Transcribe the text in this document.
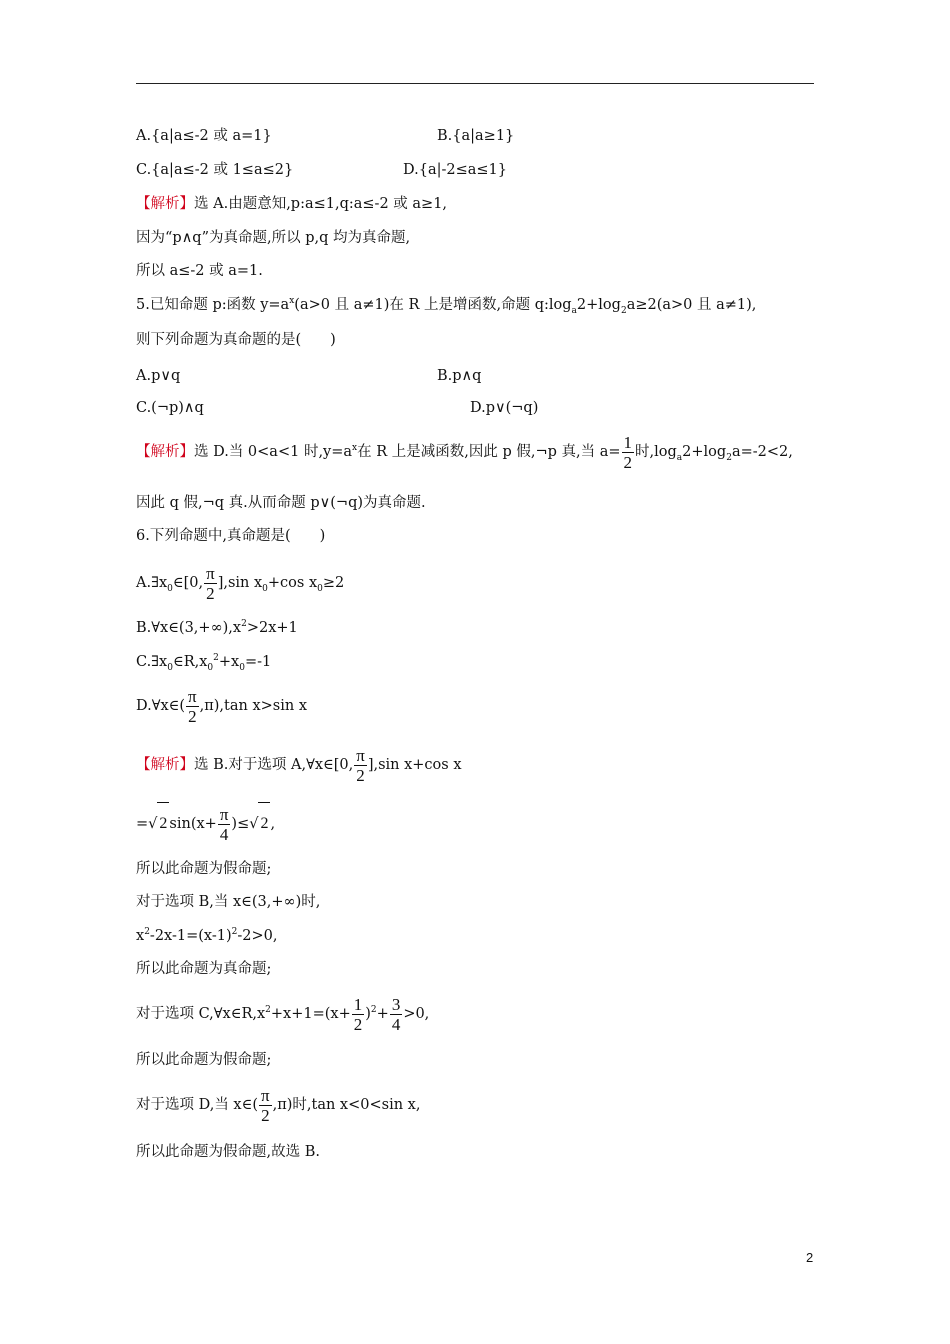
A.{a|a≤-2 或 a=1}	B.{a|a≥1}
C.{a|a≤-2 或 1≤a≤2}	D.{a|-2≤a≤1}
【解析】选 A.由题意知,p:a≤1,q:a≤-2 或 a≥1,
因为“p∧q”为真命题,所以 p,q 均为真命题,
所以 a≤-2 或 a=1.
5.已知命题 p:函数 $y=a^x(a>0$ 且 a≠1)在 R 上是增函数,命题 $q:\log_a2+\log_2a\ge 2(a>0$ 且 a≠1),
则下列命题为真命题的是(　　)
A.p∨q	B.p∧q
C.(¬p)∧q	D.p∨(¬q)
【解析】选 D.当 0<a<1 时$,y=a^x$在 R 上是减函数,因此 p 假,¬p 真,当 $a= \frac{1}{2}$ 时$,\log_a2+\log_2a=-2<2$,
因此 q 假,¬q 真.从而命题 p∨(¬q)为真命题.
6.下列命题中,真命题是(　　)
$A.\exists x_0\in[0$, $\frac{\pi}{2} ],\sin$ $x_0+\cos$ $x_0\ge 2$
$B.\forall x\in(3,+\infty),x^2>2x+1$
$C.\exists x_0\in R,x_0^2+x_0=-1$
D.∀x∈( $\frac{\pi}{2} ,\pi),\tan$ x>sin x
【解析】选 B.对于选项 A,∀x∈[0, $\frac{\pi}{2} ],\sin$ x+cos x
=√ 2 $\sin(x+ \frac{\pi}{4}$ )≤√ 2 ,
所以此命题为假命题;
对于选项 B,当 x∈(3,+∞)时,
$x^2-2x-1=(x-1)^2-2>0$,
所以此命题为真命题;
对于选项 $C,\forall x\in R,x^2+x+1=(x+ \frac{1}{2} )^2+ \frac{3}{4} >0$,
所以此命题为假命题;
对于选项 D,当 x∈( $\frac{\pi}{2} ,\pi$)时,tan x<0<sin x,
所以此命题为假命题,故选 B.
2
